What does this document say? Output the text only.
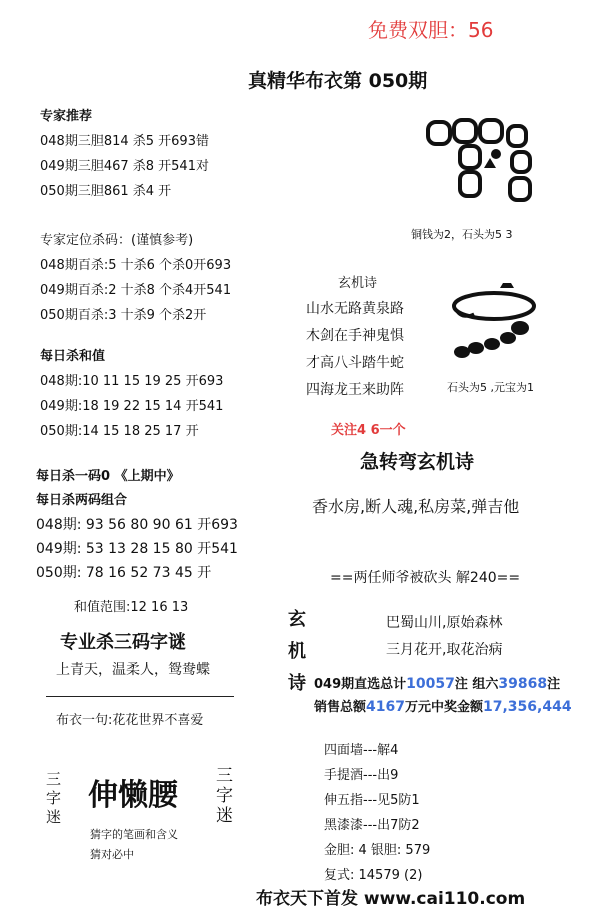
免费双胆：56
真精华布衣第 050期
专家推荐
048期三胆814 杀5 开693错
049期三胆467 杀8 开541对
050期三胆861 杀4 开
专家定位杀码：(谨慎参考)
048期百杀:5 十杀6 个杀0开693
049期百杀:2 十杀8 个杀4开541
050期百杀:3 十杀9 个杀2开
每日杀和值
048期:10 11 15 19 25 开693
049期:18 19 22 15 14 开541
050期:14 15 18 25 17 开
每日杀一码0 《上期中》
每日杀两码组合
048期: 93 56 80 90 61 开693
049期: 53 13 28 15 80 开541
050期: 78 16 52 73 45 开
和值范围:12 16 13
专业杀三码字谜
上青天，温柔人，鸳鸯蝶
布衣一句:花花世界不喜爱
三字迷
伸懒腰
三字迷
猜字的笔画和含义
猜对必中
铜钱为2，石头为5 3
玄机诗
山水无路黄泉路
木剑在手神鬼惧
才高八斗踏牛蛇
四海龙王来助阵	石头为5 ,元宝为1
关注4 6一个
急转弯玄机诗
香水房,断人魂,私房菜,弹吉他
==两任师爷被砍头 解240==
玄
机
诗
巴蜀山川,原始森林
三月花开,取花治病
049期直选总计10057注 组六39868注
销售总额4167万元中奖金额17,356,444
四面墙---解4
手提酒---出9
伸五指---见5防1
黑漆漆---出7防2
金胆: 4 银胆: 579
复式: 14579 (2)
布衣天下首发 www.cai110.com
